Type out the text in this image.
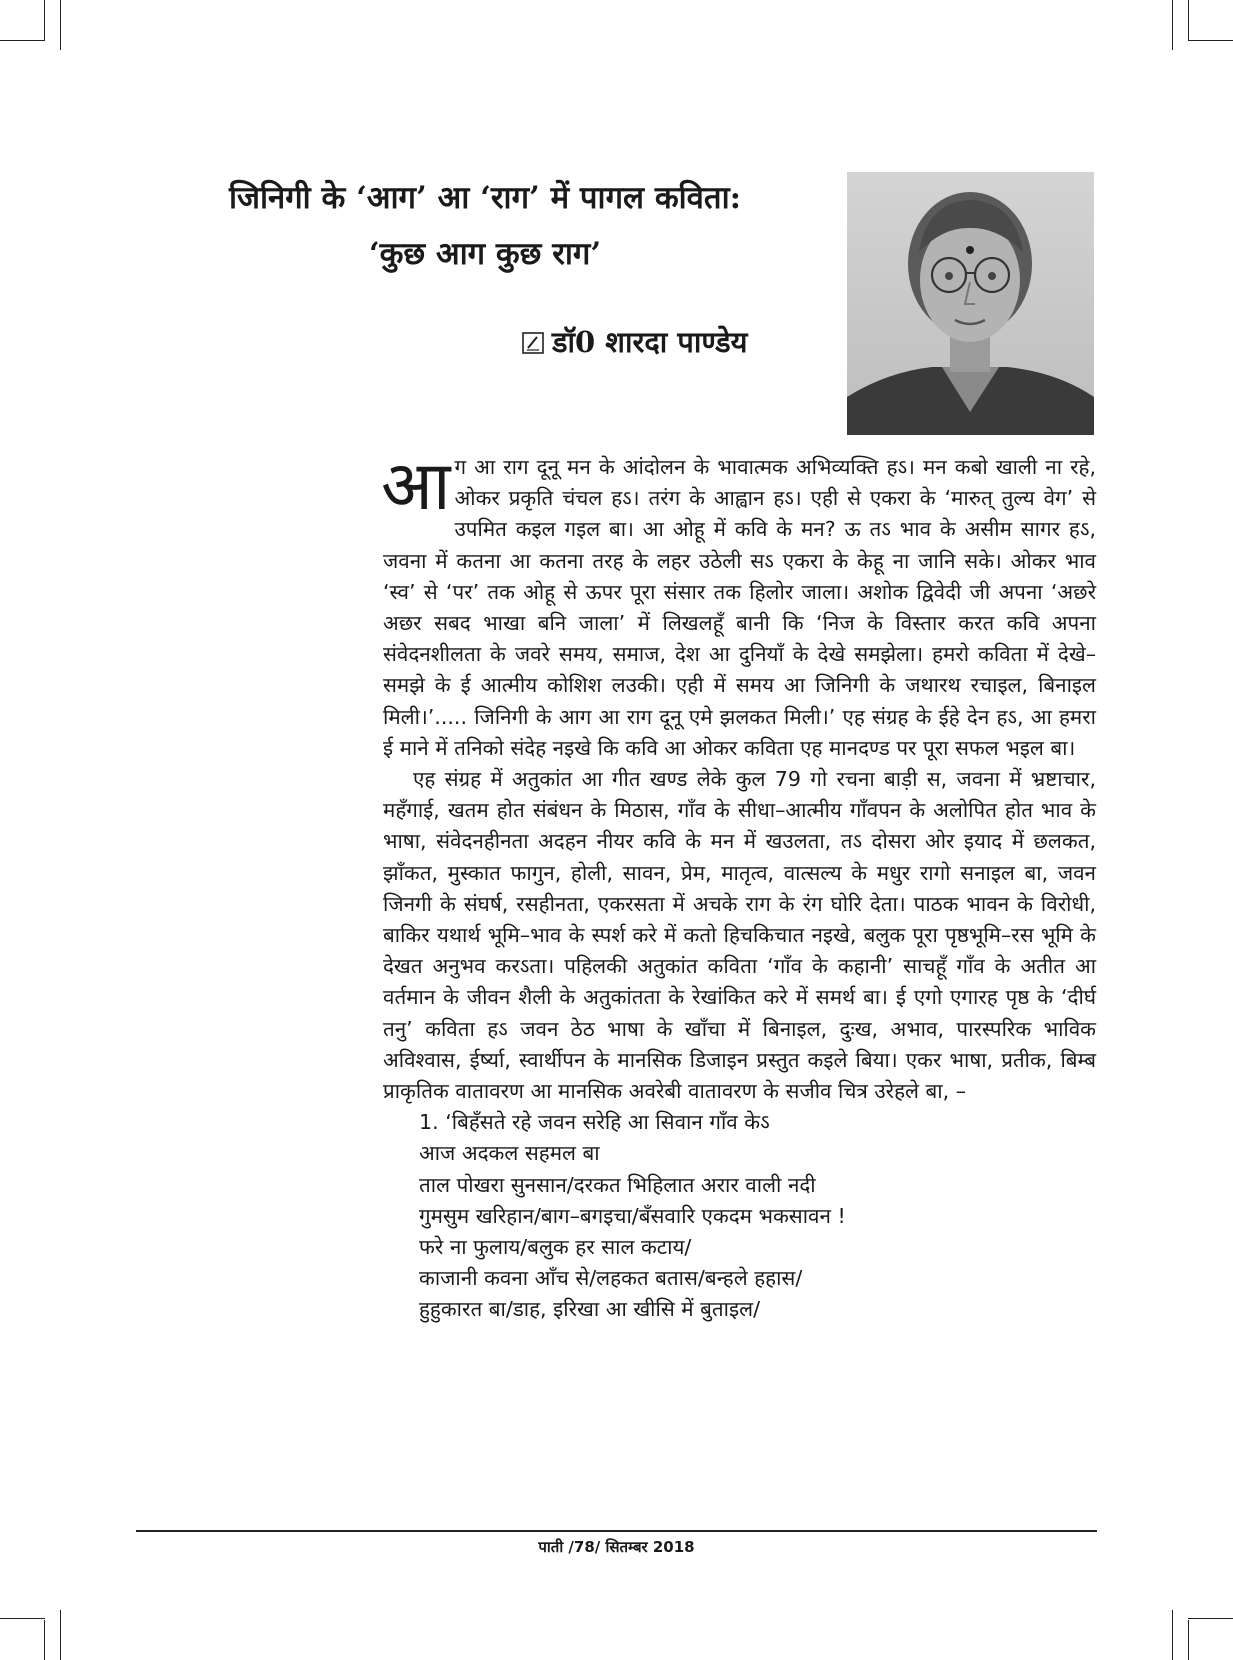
जिनिगी के ‘आग’ आ ‘राग’ में पागल कविता:
‘कुछ आग कुछ राग’
डॉ0 शारदा पाण्डेय

आग आ राग दूनू मन के आंदोलन के भावात्मक अभिव्यक्ति हऽ। मन कबो खाली ना रहे, ओकर प्रकृति चंचल हऽ। तरंग के आह्वान हऽ। एही से एकरा के ‘मारुत् तुल्य वेग’ से उपमित कइल गइल बा। आ ओहू में कवि के मन? ऊ तऽ भाव के असीम सागर हऽ, जवना में कतना आ कतना तरह के लहर उठेली सऽ एकरा के केहू ना जानि सके। ओकर भाव ‘स्व’ से ‘पर’ तक ओहू से ऊपर पूरा संसार तक हिलोर जाला। अशोक द्विवेदी जी अपना ‘अछरे अछर सबद भाखा बनि जाला’ में लिखलहूँ बानी कि ‘निज के विस्तार करत कवि अपना संवेदनशीलता के जवरे समय, समाज, देश आ दुनियाँ के देखे समझेला। हमरो कविता में देखे–समझे के ई आत्मीय कोशिश लउकी। एही में समय आ जिनिगी के जथारथ रचाइल, बिनाइल मिली।’..... जिनिगी के आग आ राग दूनू एमे झलकत मिली।’ एह संग्रह के ईहे देन हऽ, आ हमरा ई माने में तनिको संदेह नइखे कि कवि आ ओकर कविता एह मानदण्ड पर पूरा सफल भइल बा।

एह संग्रह में अतुकांत आ गीत खण्ड लेके कुल 79 गो रचना बाड़ी स, जवना में भ्रष्टाचार, महँगाई, खतम होत संबंधन के मिठास, गाँव के सीधा–आत्मीय गाँवपन के अलोपित होत भाव के भाषा, संवेदनहीनता अदहन नीयर कवि के मन में खउलता, तऽ दोसरा ओर इयाद में छलकत, झाँकत, मुस्कात फागुन, होली, सावन, प्रेम, मातृत्व, वात्सल्य के मधुर रागो सनाइल बा, जवन जिनगी के संघर्ष, रसहीनता, एकरसता में अचके राग के रंग घोरि देता। पाठक भावन के विरोधी, बाकिर यथार्थ भूमि–भाव के स्पर्श करे में कतो हिचकिचात नइखे, बलुक पूरा पृष्ठभूमि–रस भूमि के देखत अनुभव करऽता। पहिलकी अतुकांत कविता ‘गाँव के कहानी’ साचहूँ गाँव के अतीत आ वर्तमान के जीवन शैली के अतुकांतता के रेखांकित करे में समर्थ बा। ई एगो एगारह पृष्ठ के ‘दीर्घ तनु’ कविता हऽ जवन ठेठ भाषा के खाँचा में बिनाइल, दुःख, अभाव, पारस्परिक भाविक अविश्वास, ईर्ष्या, स्वार्थीपन के मानसिक डिजाइन प्रस्तुत कइले बिया। एकर भाषा, प्रतीक, बिम्ब प्राकृतिक वातावरण आ मानसिक अवरेबी वातावरण के सजीव चित्र उरेहले बा, –

1. ‘बिहँसते रहे जवन सरेहि आ सिवान गाँव केऽ
आज अदकल सहमल बा
ताल पोखरा सुनसान/दरकत भिहिलात अरार वाली नदी
गुमसुम खरिहान/बाग–बगइचा/बँसवारि एकदम भकसावन !
फरे ना फुलाय/बलुक हर साल कटाय/
काजानी कवना आँच से/लहकत बतास/बन्हले हहास/
हुहुकारत बा/डाह, इरिखा आ खीसि में बुताइल/
पाती /78/ सितम्बर 2018
